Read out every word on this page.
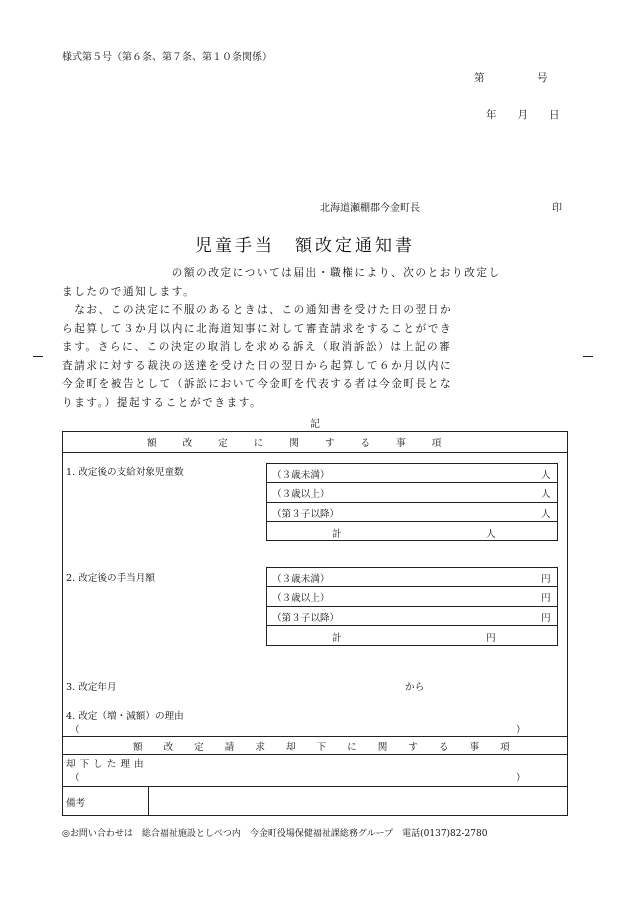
様式第５号（第６条、第７条、第１０条関係）
第　　　　　号
年　　月　　日
北海道瀬棚郡今金町長	印
児童手当　額改定通知書
　　　　　　　　　の額の改定については届出・職権により、次のとおり改定し
ましたので通知します。
　なお、この決定に不服のあるときは、この通知書を受けた日の翌日か
ら起算して３か月以内に北海道知事に対して審査請求をすることができ
ます。さらに、この決定の取消しを求める訴え（取消訴訟）は上記の審
査請求に対する裁決の送達を受けた日の翌日から起算して６か月以内に
今金町を被告として（訴訟において今金町を代表する者は今金町長とな
ります。）提起することができます。
記
額改定に関する事項
1. 改定後の支給対象児童数	（３歳未満）	人
（３歳以上）	人
（第３子以降）	人
計	人
2. 改定後の手当月額	（３歳未満）	円
（３歳以上）	円
（第３子以降）	円
計	円
3. 改定年月	から
4. 改定（増・減額）の理由
（	）
額改定請求却下に関する事項
却下した理由
（	）
備考
◎お問い合わせは　総合福祉施設としべつ内　今金町役場保健福祉課総務グループ　電話(0137)82-2780
